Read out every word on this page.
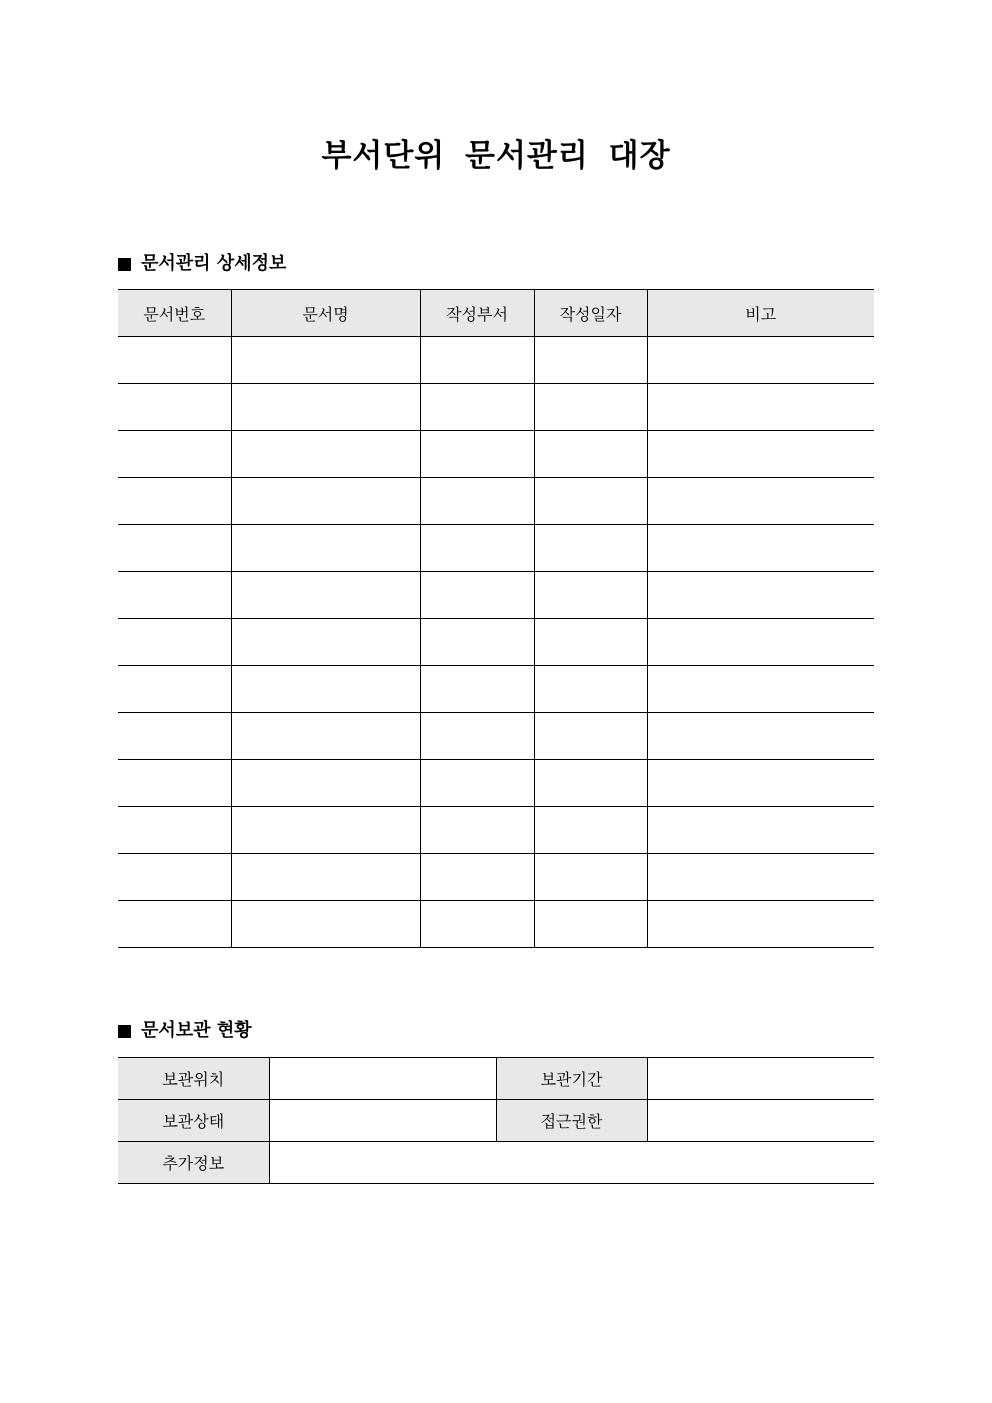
부서단위 문서관리 대장
문서관리 상세정보
문서번호	문서명	작성부서	작성일자	비고

문서보관 현황
보관위치		보관기간	
보관상태		접근권한	
추가정보			
